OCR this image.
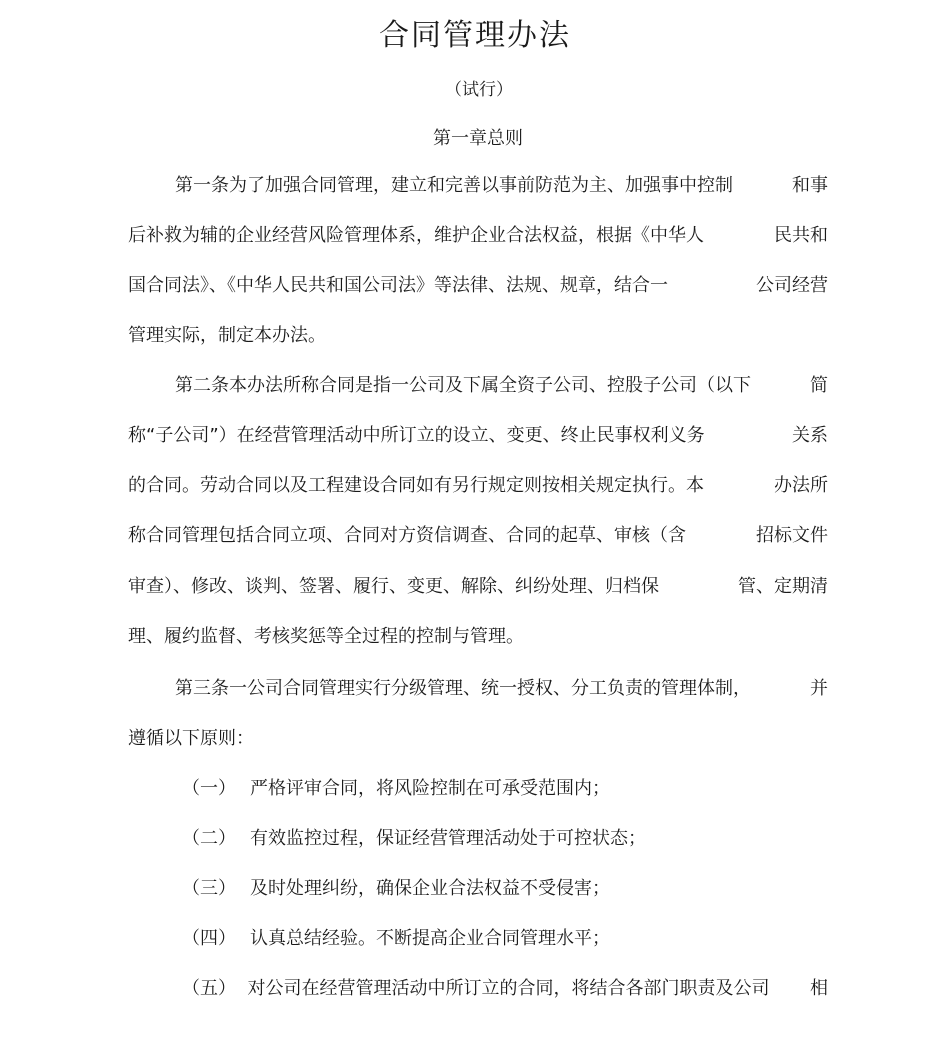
合同管理办法
（试行）
第一章总则
第一条为了加强合同管理，建立和完善以事前防范为主、加强事中控制	和事
后补救为辅的企业经营风险管理体系，维护企业合法权益，根据《中华人	民共和
国合同法》、《中华人民共和国公司法》等法律、法规、规章，结合一	公司经营
管理实际，制定本办法。
第二条本办法所称合同是指一公司及下属全资子公司、控股子公司（以下	简
称“子公司”）在经营管理活动中所订立的设立、变更、终止民事权利义务	关系
的合同。劳动合同以及工程建设合同如有另行规定则按相关规定执行。本	办法所
称合同管理包括合同立项、合同对方资信调查、合同的起草、审核（含	招标文件
审查）、修改、谈判、签署、履行、变更、解除、纠纷处理、归档保	管、定期清
理、履约监督、考核奖惩等全过程的控制与管理。
第三条一公司合同管理实行分级管理、统一授权、分工负责的管理体制，	并
遵循以下原则：
（一） 严格评审合同，将风险控制在可承受范围内；
（二） 有效监控过程，保证经营管理活动处于可控状态；
（三） 及时处理纠纷，确保企业合法权益不受侵害；
（四） 认真总结经验。不断提高企业合同管理水平；
（五）  对公司在经营管理活动中所订立的合同，将结合各部门职责及公司 相
